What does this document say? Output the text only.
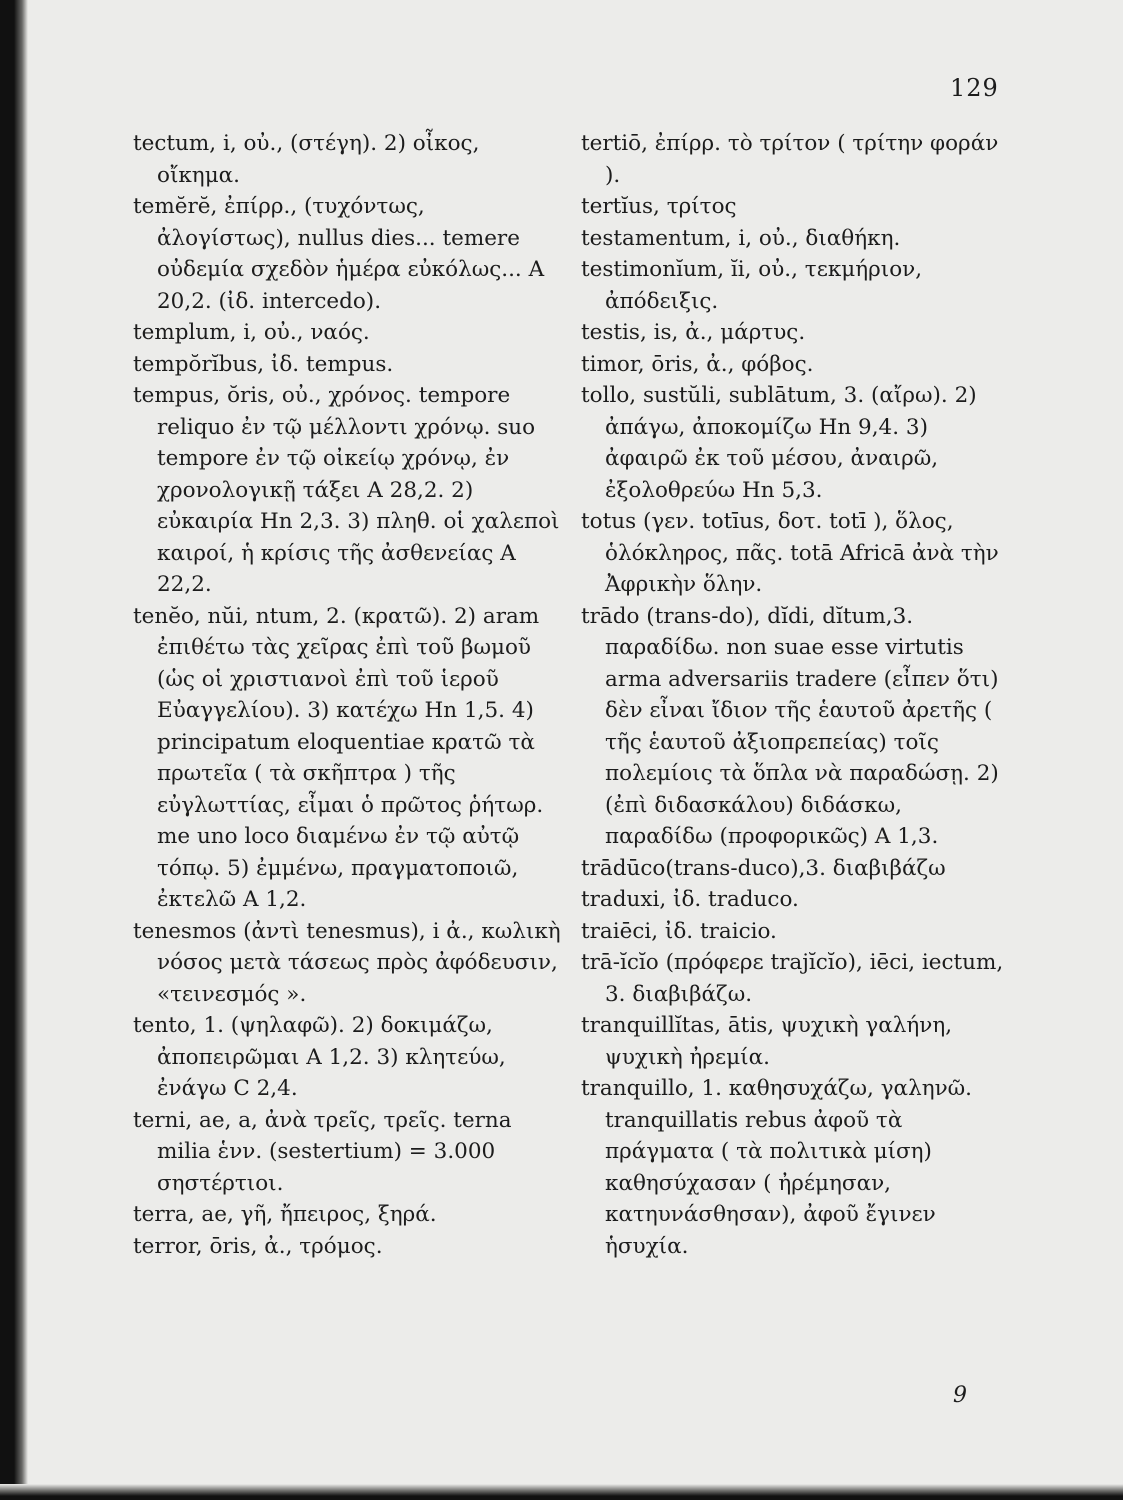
129
tectum, i, οὐ., (στέγη). 2) οἶκος, οἴκημα.
temĕrĕ, ἐπίρρ., (τυχόντως, ἀλογίστως), nullus dies... temere οὐδεμία σχεδὸν ἡμέρα εὐκόλως... Α 20,2. (ἰδ. intercedo).
templum, i, οὐ., ναός.
tempŏrĭbus, ἰδ. tempus.
tempus, ŏris, οὐ., χρόνος. tempore reliquo ἐν τῷ μέλλοντι χρόνῳ. suo tempore ἐν τῷ οἰκείῳ χρόνῳ, ἐν χρονολογικῇ τάξει Α 28,2. 2) εὐκαιρία Ηn 2,3. 3) πληθ. οἱ χαλεποὶ καιροί, ἡ κρίσις τῆς ἀσθενείας Α 22,2.
tenĕo, nŭi, ntum, 2. (κρατῶ). 2) aram ἐπιθέτω τὰς χεῖρας ἐπὶ τοῦ βωμοῦ (ὡς οἱ χριστιανοὶ ἐπὶ τοῦ ἱεροῦ Εὐαγγελίου). 3) κατέχω Ηn 1,5. 4) principatum eloquentiae κρατῶ τὰ πρωτεῖα ( τὰ σκῆπτρα ) τῆς εὐγλωττίας, εἶμαι ὁ πρῶτος ῥήτωρ. me uno loco διαμένω ἐν τῷ αὐτῷ τόπῳ. 5) ἐμμένω, πραγματοποιῶ, ἐκτελῶ Α 1,2.
tenesmos (ἀντὶ tenesmus), i ἀ., κωλικὴ νόσος μετὰ τάσεως πρὸς ἀφόδευσιν, «τεινεσμός ».
tento, 1. (ψηλαφῶ). 2) δοκιμάζω, ἀποπειρῶμαι Α 1,2. 3) κλητεύω, ἐνάγω C 2,4.
terni, ae, a, ἀνὰ τρεῖς, τρεῖς. terna milia ἑνν. (sestertium) = 3.000 σηστέρτιοι.
terra, ae, γῆ, ἤπειρος, ξηρά.
terror, ōris, ἀ., τρόμος.
tertiō, ἐπίρρ. τὸ τρίτον ( τρίτην φοράν ).
tertĭus, τρίτος
testamentum, i, οὐ., διαθήκη.
testimonĭum, ĭi, οὐ., τεκμήριον, ἀπόδειξις.
testis, is, ἀ., μάρτυς.
timor, ōris, ἀ., φόβος.
tollo, sustŭli, sublātum, 3. (αἴρω). 2) ἀπάγω, ἀποκομίζω Ηn 9,4. 3) ἀφαιρῶ ἐκ τοῦ μέσου, ἀναιρῶ, ἐξολοθρεύω Ηn 5,3.
totus (γεν. totīus, δοτ. totī ), ὅλος, ὁλόκληρος, πᾶς. totā Africā ἀνὰ τὴν Ἀφρικὴν ὅλην.
trādo (trans-do), dĭdi, dĭtum,3. παραδίδω. non suae esse virtutis arma adversariis tradere (εἶπεν ὅτι) δὲν εἶναι ἴδιον τῆς ἑαυτοῦ ἀρετῆς ( τῆς ἑαυτοῦ ἀξιοπρεπείας) τοῖς πολεμίοις τὰ ὅπλα νὰ παραδώσῃ. 2) (ἐπὶ διδασκάλου) διδάσκω, παραδίδω (προφορικῶς) Α 1,3.
trādūco(trans-duco),3. διαβιβάζω
traduxi, ἰδ. traduco.
traiēci, ἰδ. traicio.
trā-ĭcĭo (πρόφερε trajĭcĭo), iēci, iectum, 3. διαβιβάζω.
tranquillĭtas, ātis, ψυχικὴ γαλήνη, ψυχικὴ ἠρεμία.
tranquillo, 1. καθησυχάζω, γαληνῶ. tranquillatis rebus ἀφοῦ τὰ πράγματα ( τὰ πολιτικὰ μίση) καθησύχασαν ( ἠρέμησαν, κατηυνάσθησαν), ἀφοῦ ἔγινεν ἡσυχία.
9
